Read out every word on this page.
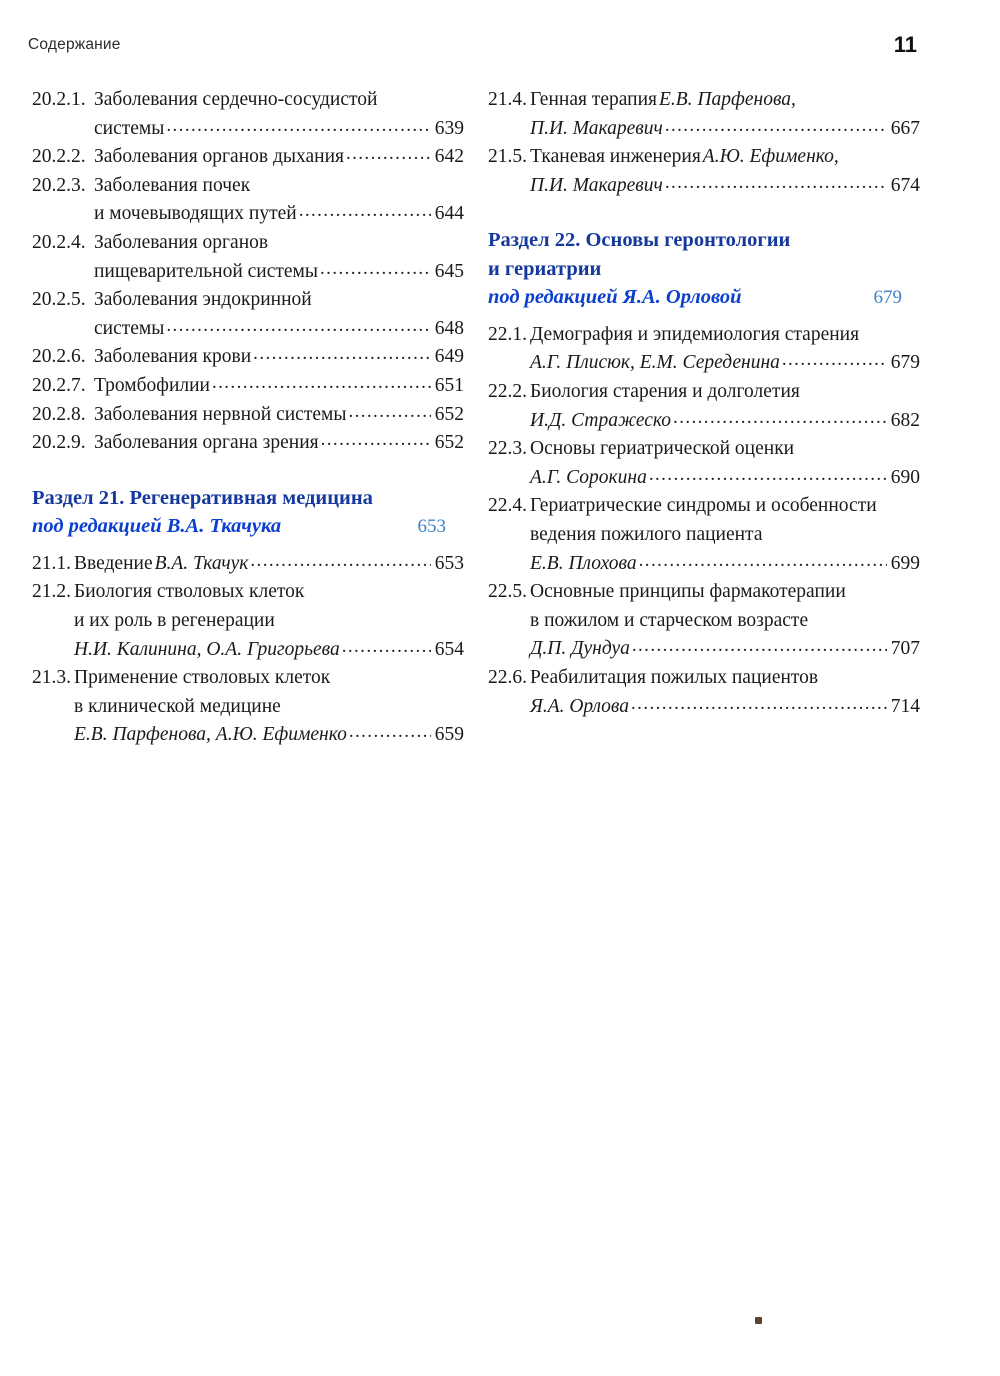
Содержание	11
20.2.1. Заболевания сердечно-сосудистой
системы .....	639
20.2.2. Заболевания органов дыхания .....	642
20.2.3. Заболевания почек
и мочевыводящих путей .....	644
20.2.4. Заболевания органов
пищеварительной системы .....	645
20.2.5. Заболевания эндокринной
системы .....	648
20.2.6. Заболевания крови .....	649
20.2.7. Тромбофилии .....	651
20.2.8. Заболевания нервной системы .....	652
20.2.9. Заболевания органа зрения .....	652
Раздел 21. Регенеративная медицина
под редакцией В.А. Ткачука	653
21.1. Введение В.А. Ткачук .....	653
21.2. Биология стволовых клеток
и их роль в регенерации
Н.И. Калинина, О.А. Григорьева .....	654
21.3. Применение стволовых клеток
в клинической медицине
Е.В. Парфенова, А.Ю. Ефименко .....	659
21.4. Генная терапия Е.В. Парфенова,
П.И. Макаревич .....	667
21.5. Тканевая инженерия А.Ю. Ефименко,
П.И. Макаревич .....	674
Раздел 22. Основы геронтологии
и гериатрии
под редакцией Я.А. Орловой	679
22.1. Демография и эпидемиология старения
А.Г. Плисюк, Е.М. Середенина .....	679
22.2. Биология старения и долголетия
И.Д. Стражеско .....	682
22.3. Основы гериатрической оценки
А.Г. Сорокина .....	690
22.4. Гериатрические синдромы и особенности
ведения пожилого пациента
Е.В. Плохова .....	699
22.5. Основные принципы фармакотерапии
в пожилом и старческом возрасте
Д.П. Дундуа .....	707
22.6. Реабилитация пожилых пациентов
Я.А. Орлова .....	714
